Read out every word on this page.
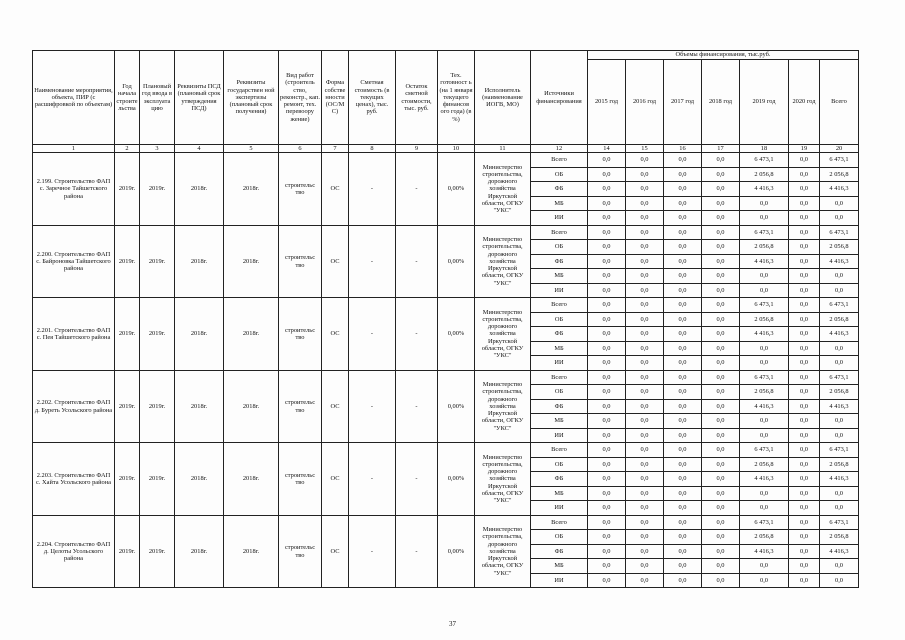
Наименование мероприятия, объекта, ПИР (с расшифровкой по объектам)	Год начала строите льства	Плановый год ввода в эксплуата цию	Реквизиты ПСД (плановый срок утверждения ПСД)	Реквизиты государствен ной экспертизы (плановый срок получения)	Вид работ (строитель ство, реконстр., кап. ремонт, тех. перевоору жение)	Форма собстве нности (ОС/М С)	Сметная стоимость (в текущих ценах), тыс. руб.	Остаток сметной стоимости, тыс. руб.	Тех. готовност ь (на 1 января текущего финансов ого года) (в %)	Исполнитель (наименование ИОГВ, МО)	Источники финансирования	Объемы финансирования, тыс.руб.						
												2015 год	2016 год	2017 год	2018 год	2019 год	2020 год	Всего
1	2	3	4	5	6	7	8	9	10	11	12	14	15	16	17	18	19	20
2.199. Строительство ФАП с. Заречное Тайшетского района	2019г.	2019г.	2018г.	2018г.	строительс тво	ОС	-	-	0,00%	Министерство строительства, дорожного хозяйства Иркутской области, ОГКУ "УКС"	Всего	0,0	0,0	0,0	0,0	6 473,1	0,0	6 473,1
											ОБ	0,0	0,0	0,0	0,0	2 056,8	0,0	2 056,8
											ФБ	0,0	0,0	0,0	0,0	4 416,3	0,0	4 416,3
											МБ	0,0	0,0	0,0	0,0	0,0	0,0	0,0
											ИИ	0,0	0,0	0,0	0,0	0,0	0,0	0,0
2.200. Строительство ФАП с. Байроновка Тайшетского района	2019г.	2019г.	2018г.	2018г.	строительс тво	ОС	-	-	0,00%	Министерство строительства, дорожного хозяйства Иркутской области, ОГКУ "УКС"	Всего	0,0	0,0	0,0	0,0	6 473,1	0,0	6 473,1
											ОБ	0,0	0,0	0,0	0,0	2 056,8	0,0	2 056,8
											ФБ	0,0	0,0	0,0	0,0	4 416,3	0,0	4 416,3
											МБ	0,0	0,0	0,0	0,0	0,0	0,0	0,0
											ИИ	0,0	0,0	0,0	0,0	0,0	0,0	0,0
2.201. Строительство ФАП с. Пея Тайшетского района	2019г.	2019г.	2018г.	2018г.	строительс тво	ОС	-	-	0,00%	Министерство строительства, дорожного хозяйства Иркутской области, ОГКУ "УКС"	Всего	0,0	0,0	0,0	0,0	6 473,1	0,0	6 473,1
											ОБ	0,0	0,0	0,0	0,0	2 056,8	0,0	2 056,8
											ФБ	0,0	0,0	0,0	0,0	4 416,3	0,0	4 416,3
											МБ	0,0	0,0	0,0	0,0	0,0	0,0	0,0
											ИИ	0,0	0,0	0,0	0,0	0,0	0,0	0,0
2.202. Строительство ФАП д. Буреть Усольского района	2019г.	2019г.	2018г.	2018г.	строительс тво	ОС	-	-	0,00%	Министерство строительства, дорожного хозяйства Иркутской области, ОГКУ "УКС"	Всего	0,0	0,0	0,0	0,0	6 473,1	0,0	6 473,1
											ОБ	0,0	0,0	0,0	0,0	2 056,8	0,0	2 056,8
											ФБ	0,0	0,0	0,0	0,0	4 416,3	0,0	4 416,3
											МБ	0,0	0,0	0,0	0,0	0,0	0,0	0,0
											ИИ	0,0	0,0	0,0	0,0	0,0	0,0	0,0
2.203. Строительство ФАП с. Хайта Усольского района	2019г.	2019г.	2018г.	2018г.	строительс тво	ОС	-	-	0,00%	Министерство строительства, дорожного хозяйства Иркутской области, ОГКУ "УКС"	Всего	0,0	0,0	0,0	0,0	6 473,1	0,0	6 473,1
											ОБ	0,0	0,0	0,0	0,0	2 056,8	0,0	2 056,8
											ФБ	0,0	0,0	0,0	0,0	4 416,3	0,0	4 416,3
											МБ	0,0	0,0	0,0	0,0	0,0	0,0	0,0
											ИИ	0,0	0,0	0,0	0,0	0,0	0,0	0,0
2.204. Строительство ФАП д. Целоты Усольского района	2019г.	2019г.	2018г.	2018г.	строительс тво	ОС	-	-	0,00%	Министерство строительства, дорожного хозяйства Иркутской области, ОГКУ "УКС"	Всего	0,0	0,0	0,0	0,0	6 473,1	0,0	6 473,1
											ОБ	0,0	0,0	0,0	0,0	2 056,8	0,0	2 056,8
											ФБ	0,0	0,0	0,0	0,0	4 416,3	0,0	4 416,3
											МБ	0,0	0,0	0,0	0,0	0,0	0,0	0,0
											ИИ	0,0	0,0	0,0	0,0	0,0	0,0	0,0
37
